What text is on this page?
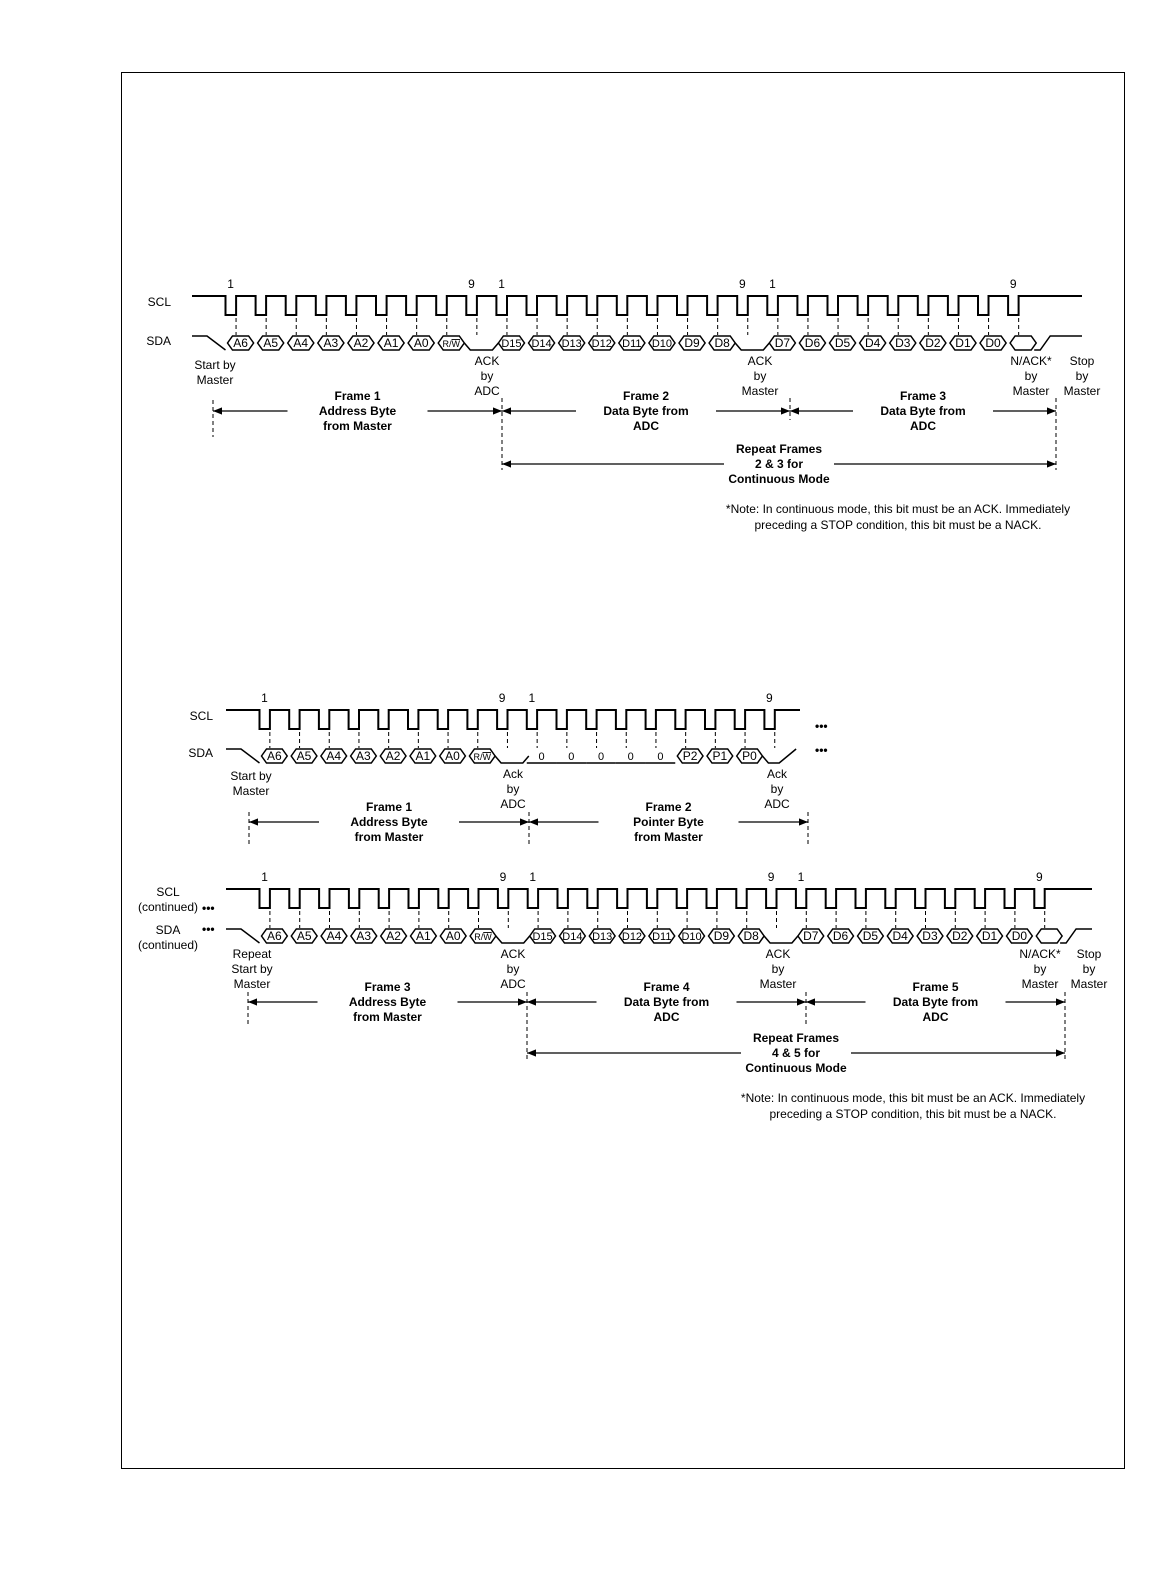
SCL
SDA	A6 A5 A4 A3 A2 A1 A0 R/W	D15 D14 D13 D12 D11 D10 D9 D8	D7 D6 D5 D4 D3 D2 D1 D0
1	9 1	9 1	9
Start by
Master
ACK
by
ADC
ACK
by
Master
N/ACK*
by
Master
Stop
by
Master
Frame 1
Address Byte
from Master
Frame 2
Data Byte from
ADC
Frame 3
Data Byte from
ADC
Repeat Frames
2 & 3 for
Continuous Mode
*Note: In continuous mode, this bit must be an ACK. Immediately
preceding a STOP condition, this bit must be a NACK.
SCL
SDA	A6 A5 A4 A3 A2 A1 A0 R/W	0 0 0 0 0 P2 P1 P0
1	9 1	9
•••
•••
Start by
Master
Ack
by
ADC
Ack
by
ADC
Frame 1
Address Byte
from Master
Frame 2
Pointer Byte
from Master
SCL
(continued)
SDA
(continued)
•••
•••	A6 A5 A4 A3 A2 A1 A0 R/W	D15 D14 D13 D12 D11 D10 D9 D8	D7 D6 D5 D4 D3 D2 D1 D0
1	9 1	9 1	9
Repeat
Start by
Master
ACK
by
ADC
ACK
by
Master
N/ACK*
by
Master
Stop
by
Master
Frame 3
Address Byte
from Master
Frame 4
Data Byte from
ADC
Frame 5
Data Byte from
ADC
Repeat Frames
4 & 5 for
Continuous Mode
*Note: In continuous mode, this bit must be an ACK. Immediately
preceding a STOP condition, this bit must be a NACK.
